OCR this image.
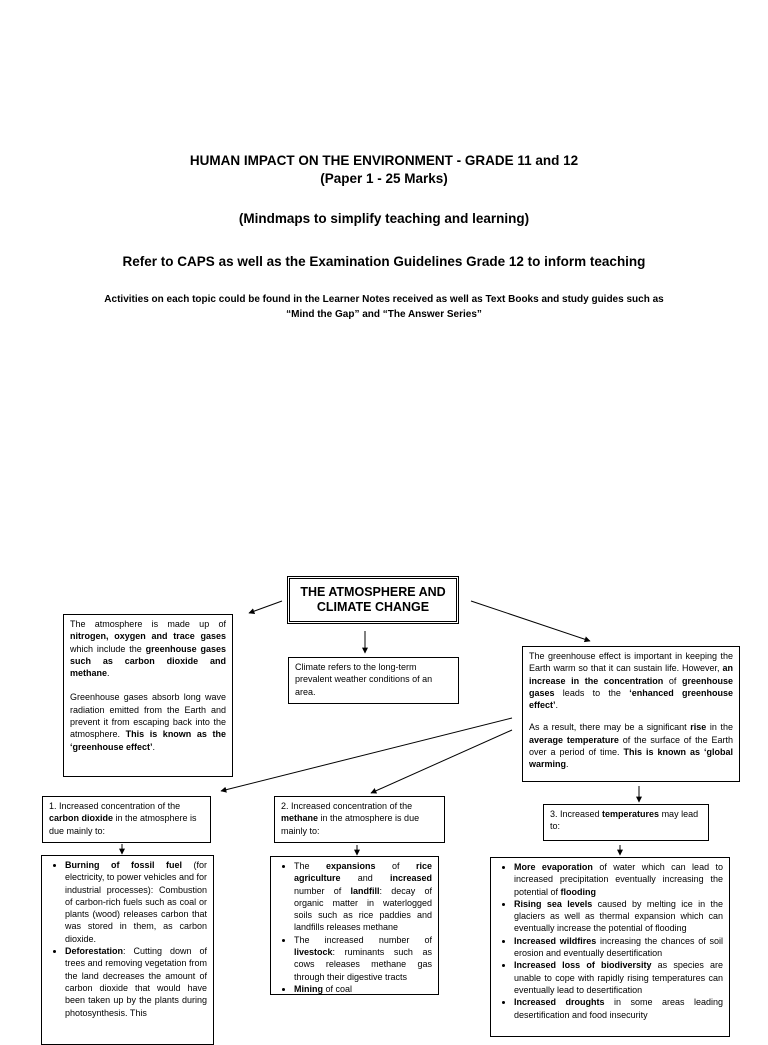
HUMAN IMPACT ON THE ENVIRONMENT - GRADE 11 and 12
(Paper 1 - 25 Marks)
(Mindmaps to simplify teaching and learning)
Refer to CAPS as well as the Examination Guidelines Grade 12 to inform teaching
Activities on each topic could be found in the Learner Notes received as well as Text Books and study guides such as
“Mind the Gap” and “The Answer Series”
THE ATMOSPHERE AND
CLIMATE CHANGE

The atmosphere is made up of nitrogen, oxygen and trace gases which include the greenhouse gases such as carbon dioxide and methane.

Greenhouse gases absorb long wave radiation emitted from the Earth and prevent it from escaping back into the atmosphere. This is known as the ‘greenhouse effect’.

Climate refers to the long-term prevalent weather conditions of an area.

The greenhouse effect is important in keeping the Earth warm so that it can sustain life. However, an increase in the concentration of greenhouse gases leads to the ‘enhanced greenhouse effect’.

As a result, there may be a significant rise in the average temperature of the surface of the Earth over a period of time. This is known as ‘global warming.

1. Increased concentration of the carbon dioxide in the atmosphere is due mainly to:

2. Increased concentration of the methane in the atmosphere is due mainly to:

3. Increased temperatures may lead to:

• Burning of fossil fuel (for electricity, to power vehicles and for industrial processes): Combustion of carbon-rich fuels such as coal or plants (wood) releases carbon that was stored in them, as carbon dioxide.
• Deforestation: Cutting down of trees and removing vegetation from the land decreases the amount of carbon dioxide that would have been taken up by the plants during photosynthesis. This
• The expansions of rice agriculture and increased number of landfill: decay of organic matter in waterlogged soils such as rice paddies and landfills releases methane
• The increased number of livestock: ruminants such as cows releases methane gas through their digestive tracts
• Mining of coal
• More evaporation of water which can lead to increased precipitation eventually increasing the potential of flooding
• Rising sea levels caused by melting ice in the glaciers as well as thermal expansion which can eventually increase the potential of flooding
• Increased wildfires increasing the chances of soil erosion and eventually desertification
• Increased loss of biodiversity as species are unable to cope with rapidly rising temperatures can eventually lead to desertification
• Increased droughts in some areas leading desertification and food insecurity
